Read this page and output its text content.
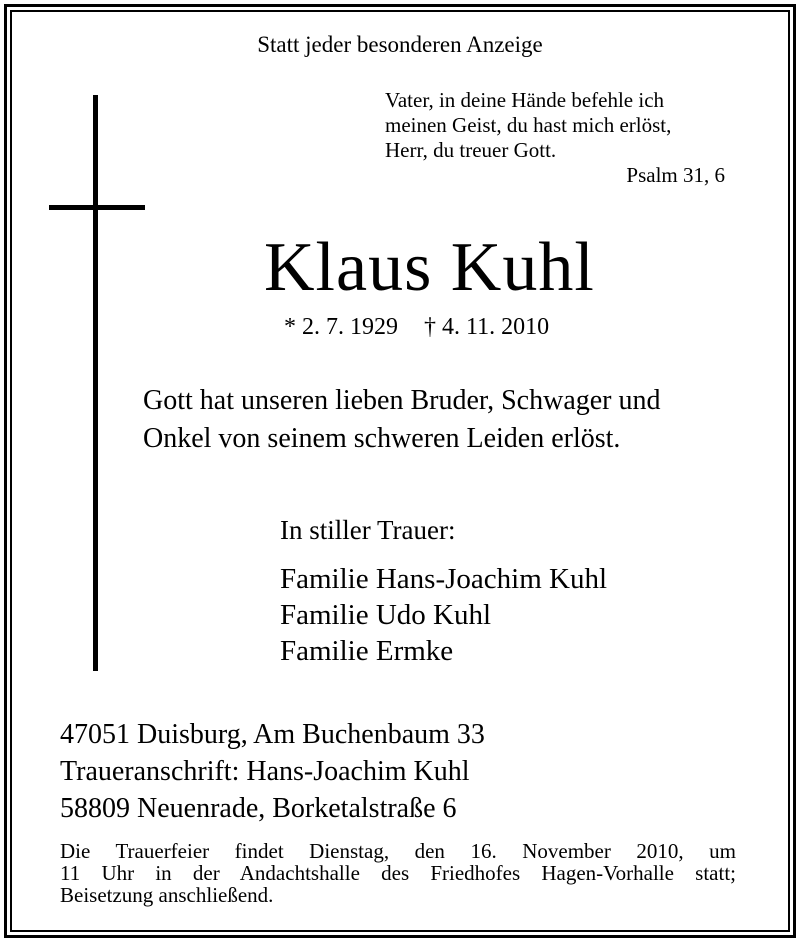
Statt jeder besonderen Anzeige

Vater, in deine Hände befehle ich
meinen Geist, du hast mich erlöst,
Herr, du treuer Gott.

Psalm 31, 6

Klaus Kuhl

* 2. 7. 1929 † 4. 11. 2010

Gott hat unseren lieben Bruder, Schwager und
Onkel von seinem schweren Leiden erlöst.

In stiller Trauer:

Familie Hans-Joachim Kuhl
Familie Udo Kuhl
Familie Ermke
47051 Duisburg, Am Buchenbaum 33
Traueranschrift: Hans-Joachim Kuhl
58809 Neuenrade, Borketalstraße 6
Die Trauerfeier findet Dienstag, den 16. November 2010, um
11 Uhr in der Andachtshalle des Friedhofes Hagen-Vorhalle statt;
Beisetzung anschließend.
